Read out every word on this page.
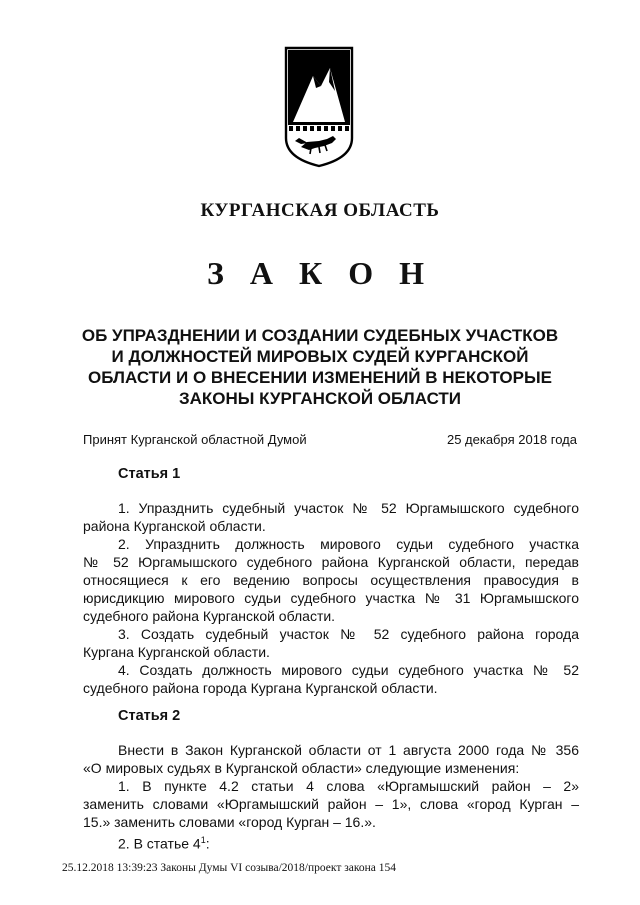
КУРГАНСКАЯ ОБЛАСТЬ
З А К О Н
ОБ УПРАЗДНЕНИИ И СОЗДАНИИ СУДЕБНЫХ УЧАСТКОВ
И ДОЛЖНОСТЕЙ МИРОВЫХ СУДЕЙ КУРГАНСКОЙ
ОБЛАСТИ И О ВНЕСЕНИИ ИЗМЕНЕНИЙ В НЕКОТОРЫЕ
ЗАКОНЫ КУРГАНСКОЙ ОБЛАСТИ
Принят Курганской областной Думой	25 декабря 2018 года
Статья 1
1. Упразднить судебный участок № 52 Юргамышского судебного
района Курганской области.
2. Упразднить должность мирового судьи судебного участка
№ 52 Юргамышского судебного района Курганской области, передав
относящиеся к его ведению вопросы осуществления правосудия в
юрисдикцию мирового судьи судебного участка № 31 Юргамышского
судебного района Курганской области.
3. Создать судебный участок № 52 судебного района города
Кургана Курганской области.
4. Создать должность мирового судьи судебного участка № 52
судебного района города Кургана Курганской области.
Статья 2
Внести в Закон Курганской области от 1 августа 2000 года № 356
«О мировых судьях в Курганской области» следующие изменения:
1. В пункте 4.2 статьи 4 слова «Юргамышский район – 2»
заменить словами «Юргамышский район – 1», слова «город Курган –
15.» заменить словами «город Курган – 16.».
2. В статье $4^1$:
25.12.2018 13:39:23 Законы Думы VI созыва/2018/проект закона 154
